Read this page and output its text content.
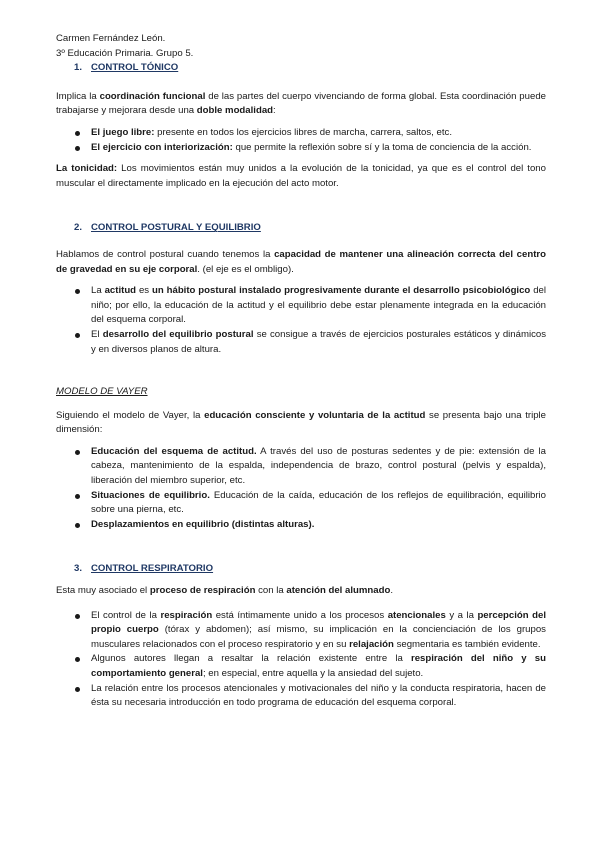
Carmen Fernández León.

3º Educación Primaria. Grupo 5.

1. CONTROL TÓNICO

Implica la coordinación funcional de las partes del cuerpo vivenciando de forma global. Esta coordinación puede trabajarse y mejorara desde una doble modalidad:

El juego libre: presente en todos los ejercicios libres de marcha, carrera, saltos, etc.
El ejercicio con interiorización: que permite la reflexión sobre sí y la toma de conciencia de la acción.

La tonicidad: Los movimientos están muy unidos a la evolución de la tonicidad, ya que es el control del tono muscular el directamente implicado en la ejecución del acto motor.

2. CONTROL POSTURAL Y EQUILIBRIO

Hablamos de control postural cuando tenemos la capacidad de mantener una alineación correcta del centro de gravedad en su eje corporal. (el eje es el ombligo).

La actitud es un hábito postural instalado progresivamente durante el desarrollo psicobiológico del niño; por ello, la educación de la actitud y el equilibrio debe estar plenamente integrada en la educación del esquema corporal.
El desarrollo del equilibrio postural se consigue a través de ejercicios posturales estáticos y dinámicos y en diversos planos de altura.

MODELO DE VAYER

Siguiendo el modelo de Vayer, la educación consciente y voluntaria de la actitud se presenta bajo una triple dimensión:

Educación del esquema de actitud. A través del uso de posturas sedentes y de pie: extensión de la cabeza, mantenimiento de la espalda, independencia de brazo, control postural (pelvis y espalda), liberación del miembro superior, etc.
Situaciones de equilibrio. Educación de la caída, educación de los reflejos de equilibración, equilibrio sobre una pierna, etc.
Desplazamientos en equilibrio (distintas alturas).
3. CONTROL RESPIRATORIO

Esta muy asociado el proceso de respiración con la atención del alumnado.

El control de la respiración está íntimamente unido a los procesos atencionales y a la percepción del propio cuerpo (tórax y abdomen); así mismo, su implicación en la concienciación de los grupos musculares relacionados con el proceso respiratorio y en su relajación segmentaria es también evidente.
Algunos autores llegan a resaltar la relación existente entre la respiración del niño y su comportamiento general; en especial, entre aquella y la ansiedad del sujeto.
La relación entre los procesos atencionales y motivacionales del niño y la conducta respiratoria, hacen de ésta su necesaria introducción en todo programa de educación del esquema corporal.
